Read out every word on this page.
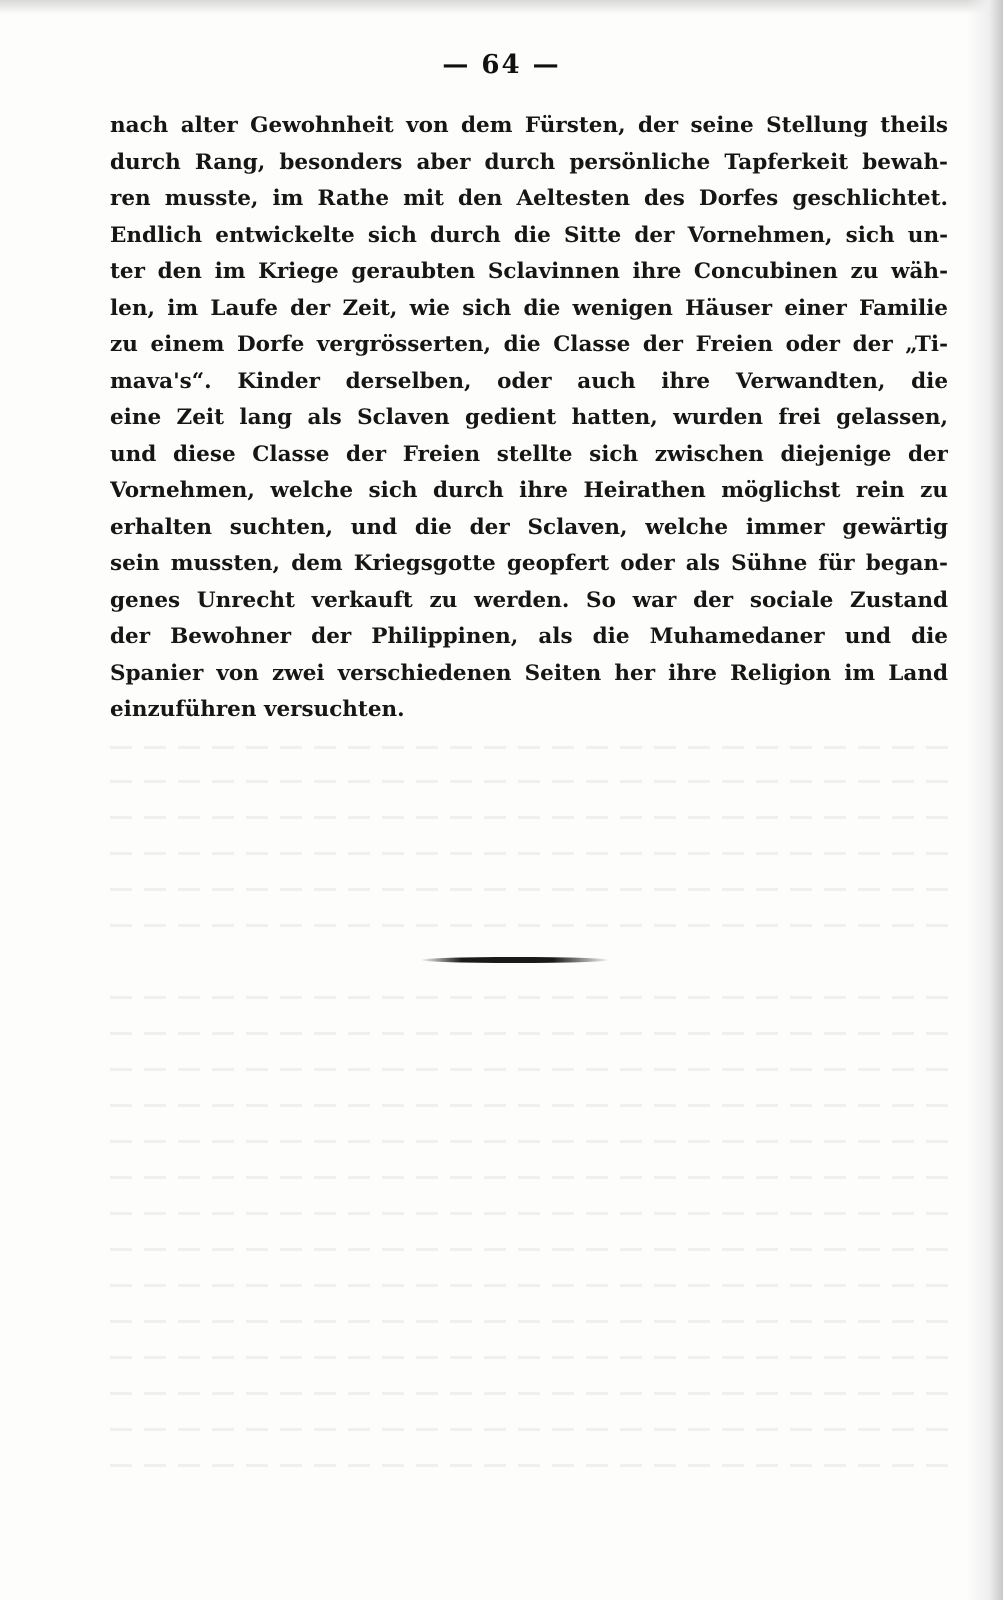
— 64 —
nach alter Gewohnheit von dem Fürsten, der seine Stellung theils
durch Rang, besonders aber durch persönliche Tapferkeit bewah-
ren musste, im Rathe mit den Aeltesten des Dorfes geschlichtet.
Endlich entwickelte sich durch die Sitte der Vornehmen, sich un-
ter den im Kriege geraubten Sclavinnen ihre Concubinen zu wäh-
len, im Laufe der Zeit, wie sich die wenigen Häuser einer Familie
zu einem Dorfe vergrösserten, die Classe der Freien oder der „Ti-
mava's“. Kinder derselben, oder auch ihre Verwandten, die
eine Zeit lang als Sclaven gedient hatten, wurden frei gelassen,
und diese Classe der Freien stellte sich zwischen diejenige der
Vornehmen, welche sich durch ihre Heirathen möglichst rein zu
erhalten suchten, und die der Sclaven, welche immer gewärtig
sein mussten, dem Kriegsgotte geopfert oder als Sühne für began-
genes Unrecht verkauft zu werden. So war der sociale Zustand
der Bewohner der Philippinen, als die Muhamedaner und die
Spanier von zwei verschiedenen Seiten her ihre Religion im Land
einzuführen versuchten.
